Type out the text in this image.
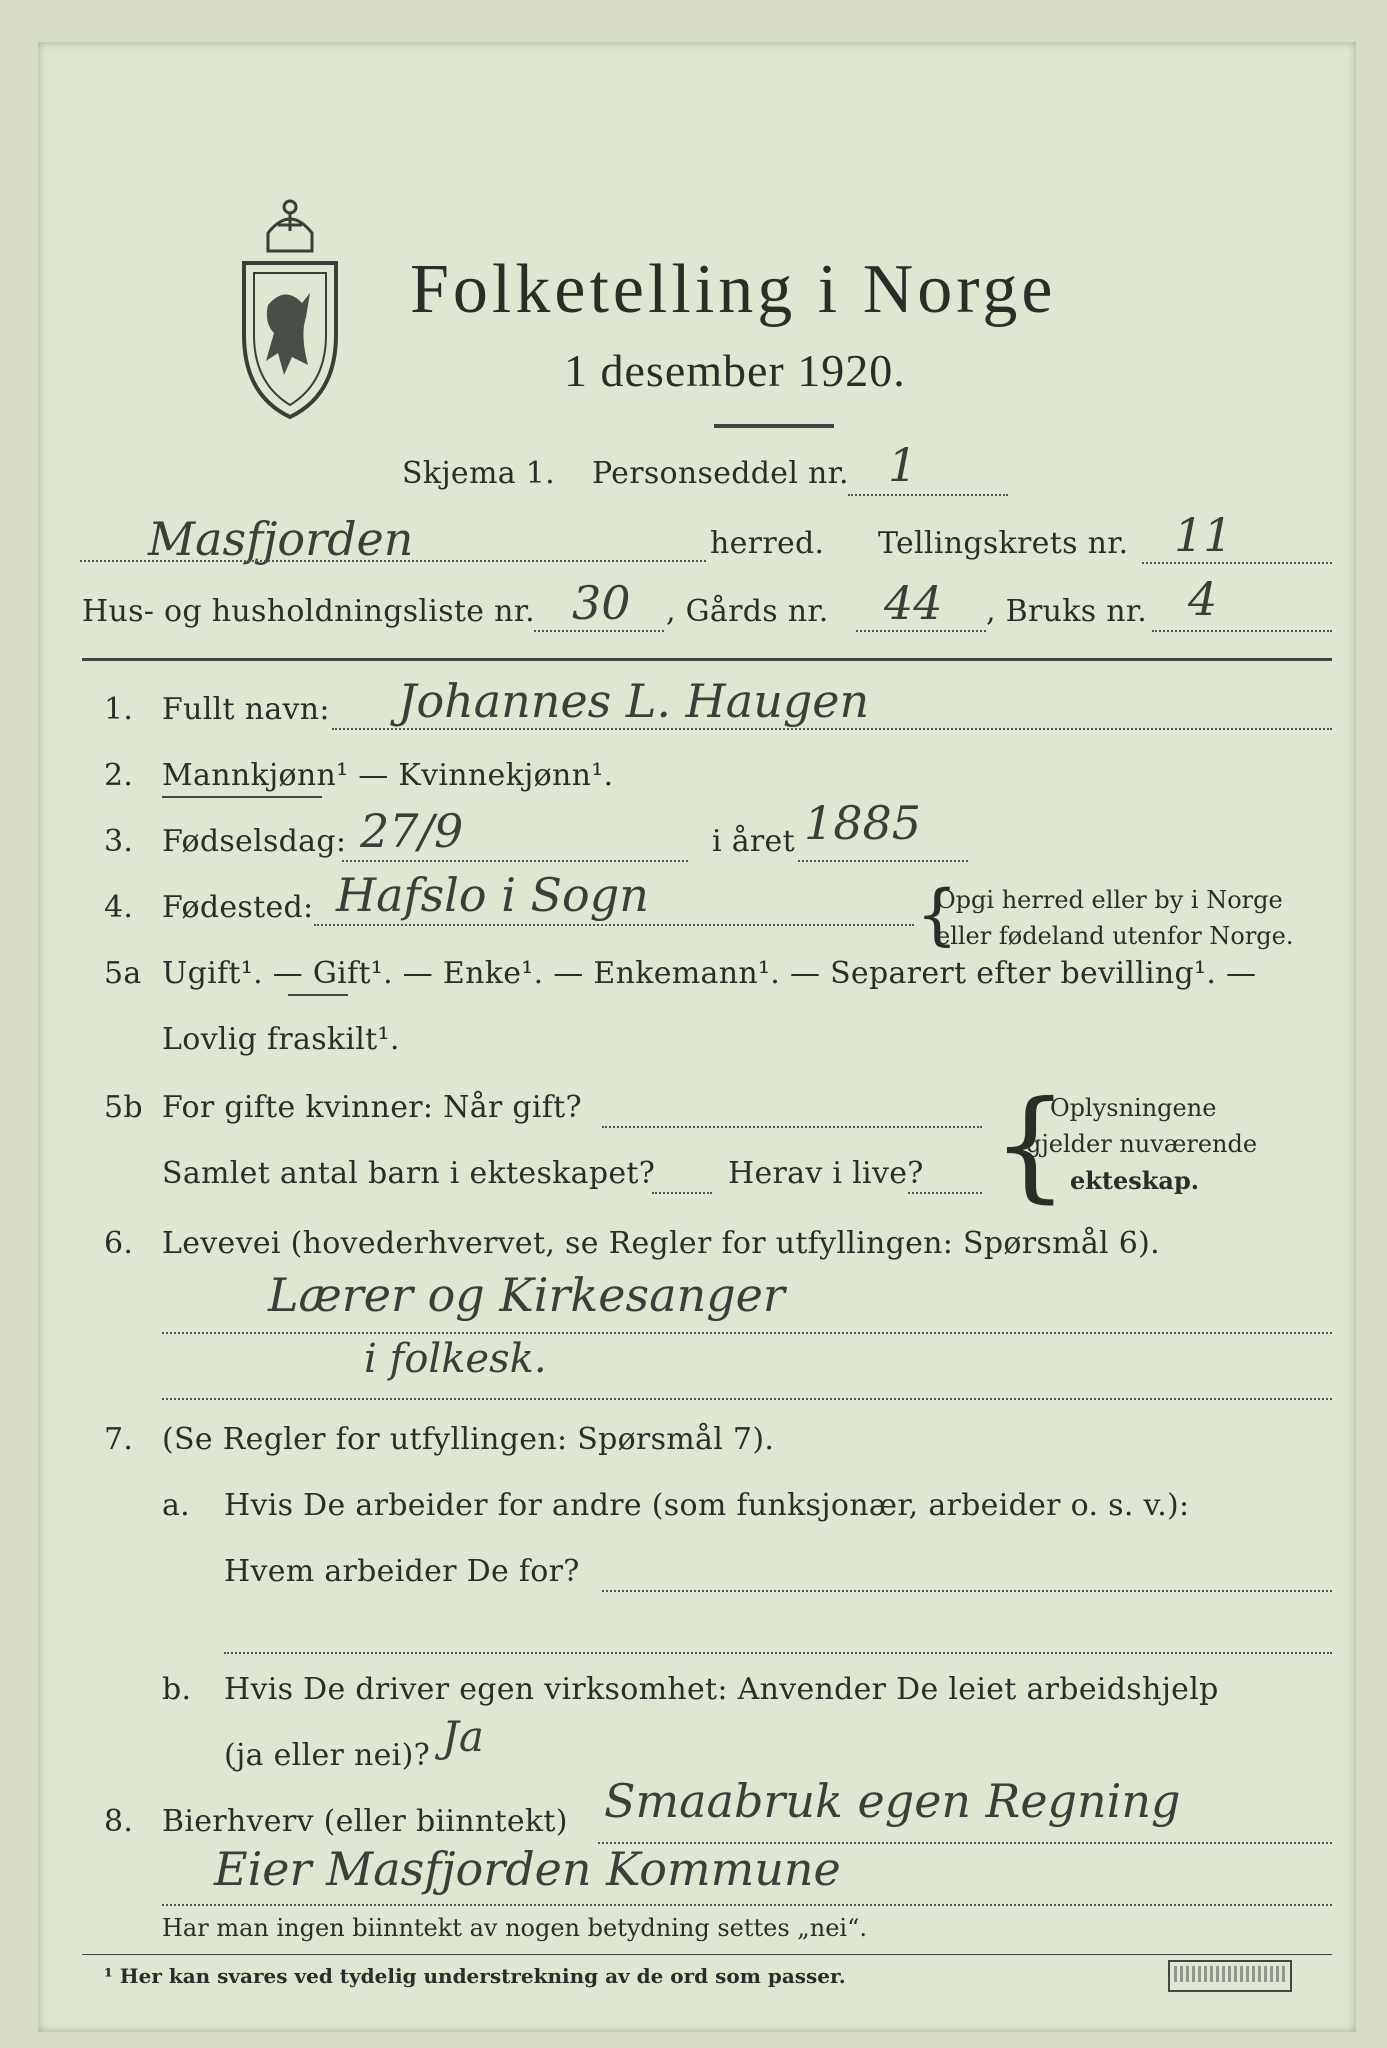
Folketelling i Norge
1 desember 1920.
Skjema 1. Personseddel nr. 1
Masfjorden	herred. Tellingskrets nr. 11
Hus- og husholdningsliste nr. 30 , Gårds nr. 44 , Bruks nr. 4
1. Fullt navn: Johannes L. Haugen
2. Mannkjønn¹ — Kvinnekjønn¹.
3. Fødselsdag: 27/9	i året 1885
4. Fødested: Hafslo i Sogn	{
Opgi herred eller by i Norge
eller fødeland utenfor Norge.
5a Ugift¹. — Gift¹. — Enke¹. — Enkemann¹. — Separert efter bevilling¹. —
Lovlig fraskilt¹.
5b For gifte kvinner: Når gift?
Samlet antal barn i ekteskapet? Herav i live? {
Oplysningene
gjelder nuværende
ekteskap.
6. Levevei (hovederhvervet, se Regler for utfyllingen: Spørsmål 6).
Lærer og Kirkesanger
i folkesk.
7. (Se Regler for utfyllingen: Spørsmål 7).
a. Hvis De arbeider for andre (som funksjonær, arbeider o. s. v.):
Hvem arbeider De for?
b. Hvis De driver egen virksomhet: Anvender De leiet arbeidshjelp
(ja eller nei)? Ja
8. Bierhverv (eller biinntekt) Smaabruk egen Regning
Eier Masfjorden Kommune
Har man ingen biinntekt av nogen betydning settes „nei“.
¹ Her kan svares ved tydelig understrekning av de ord som passer.
